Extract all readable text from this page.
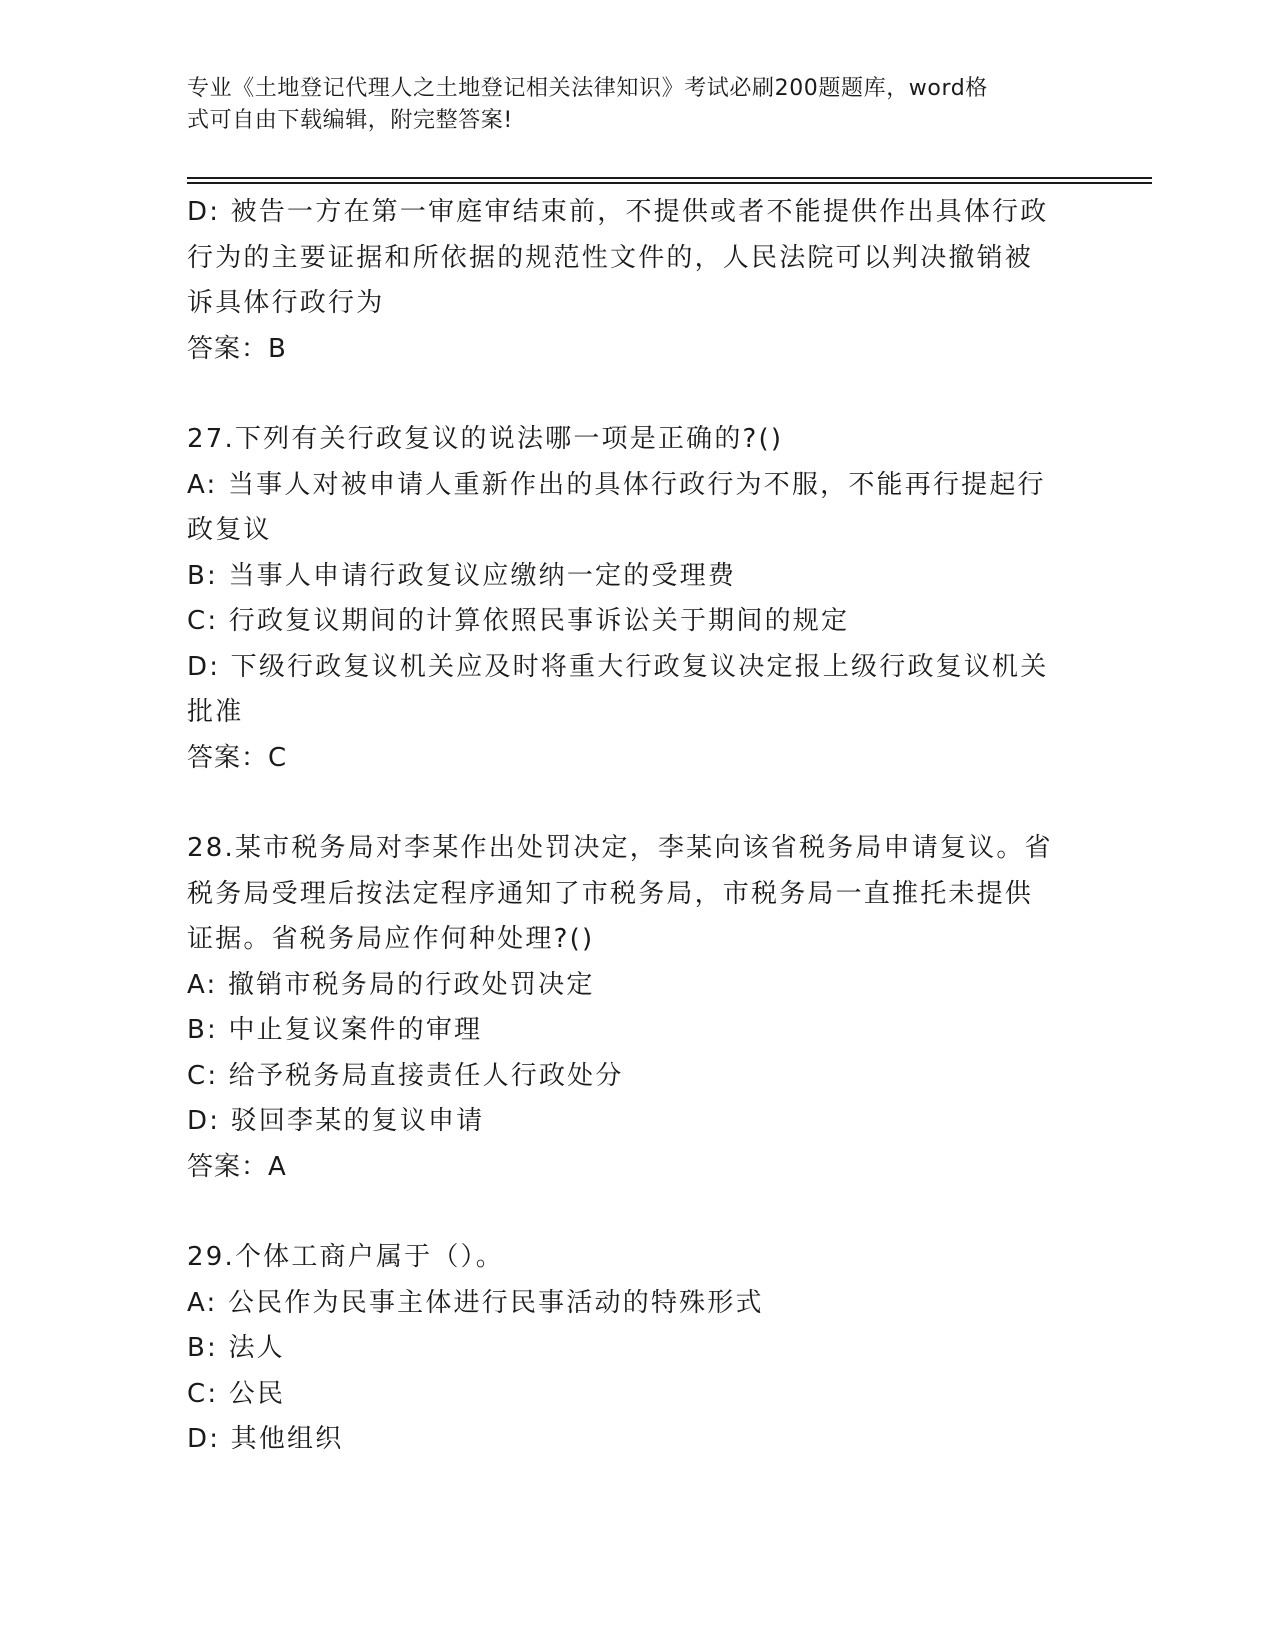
专业《土地登记代理人之土地登记相关法律知识》考试必刷200题题库，word格
式可自由下载编辑，附完整答案!
D: 被告一方在第一审庭审结束前，不提供或者不能提供作出具体行政
行为的主要证据和所依据的规范性文件的，人民法院可以判决撤销被
诉具体行政行为
答案：B
27.下列有关行政复议的说法哪一项是正确的?()
A: 当事人对被申请人重新作出的具体行政行为不服，不能再行提起行
政复议
B: 当事人申请行政复议应缴纳一定的受理费
C: 行政复议期间的计算依照民事诉讼关于期间的规定
D: 下级行政复议机关应及时将重大行政复议决定报上级行政复议机关
批准
答案：C
28.某市税务局对李某作出处罚决定，李某向该省税务局申请复议。省
税务局受理后按法定程序通知了市税务局，市税务局一直推托未提供
证据。省税务局应作何种处理?()
A: 撤销市税务局的行政处罚决定
B: 中止复议案件的审理
C: 给予税务局直接责任人行政处分
D: 驳回李某的复议申请
答案：A
29.个体工商户属于（）。
A: 公民作为民事主体进行民事活动的特殊形式
B: 法人
C: 公民
D: 其他组织
